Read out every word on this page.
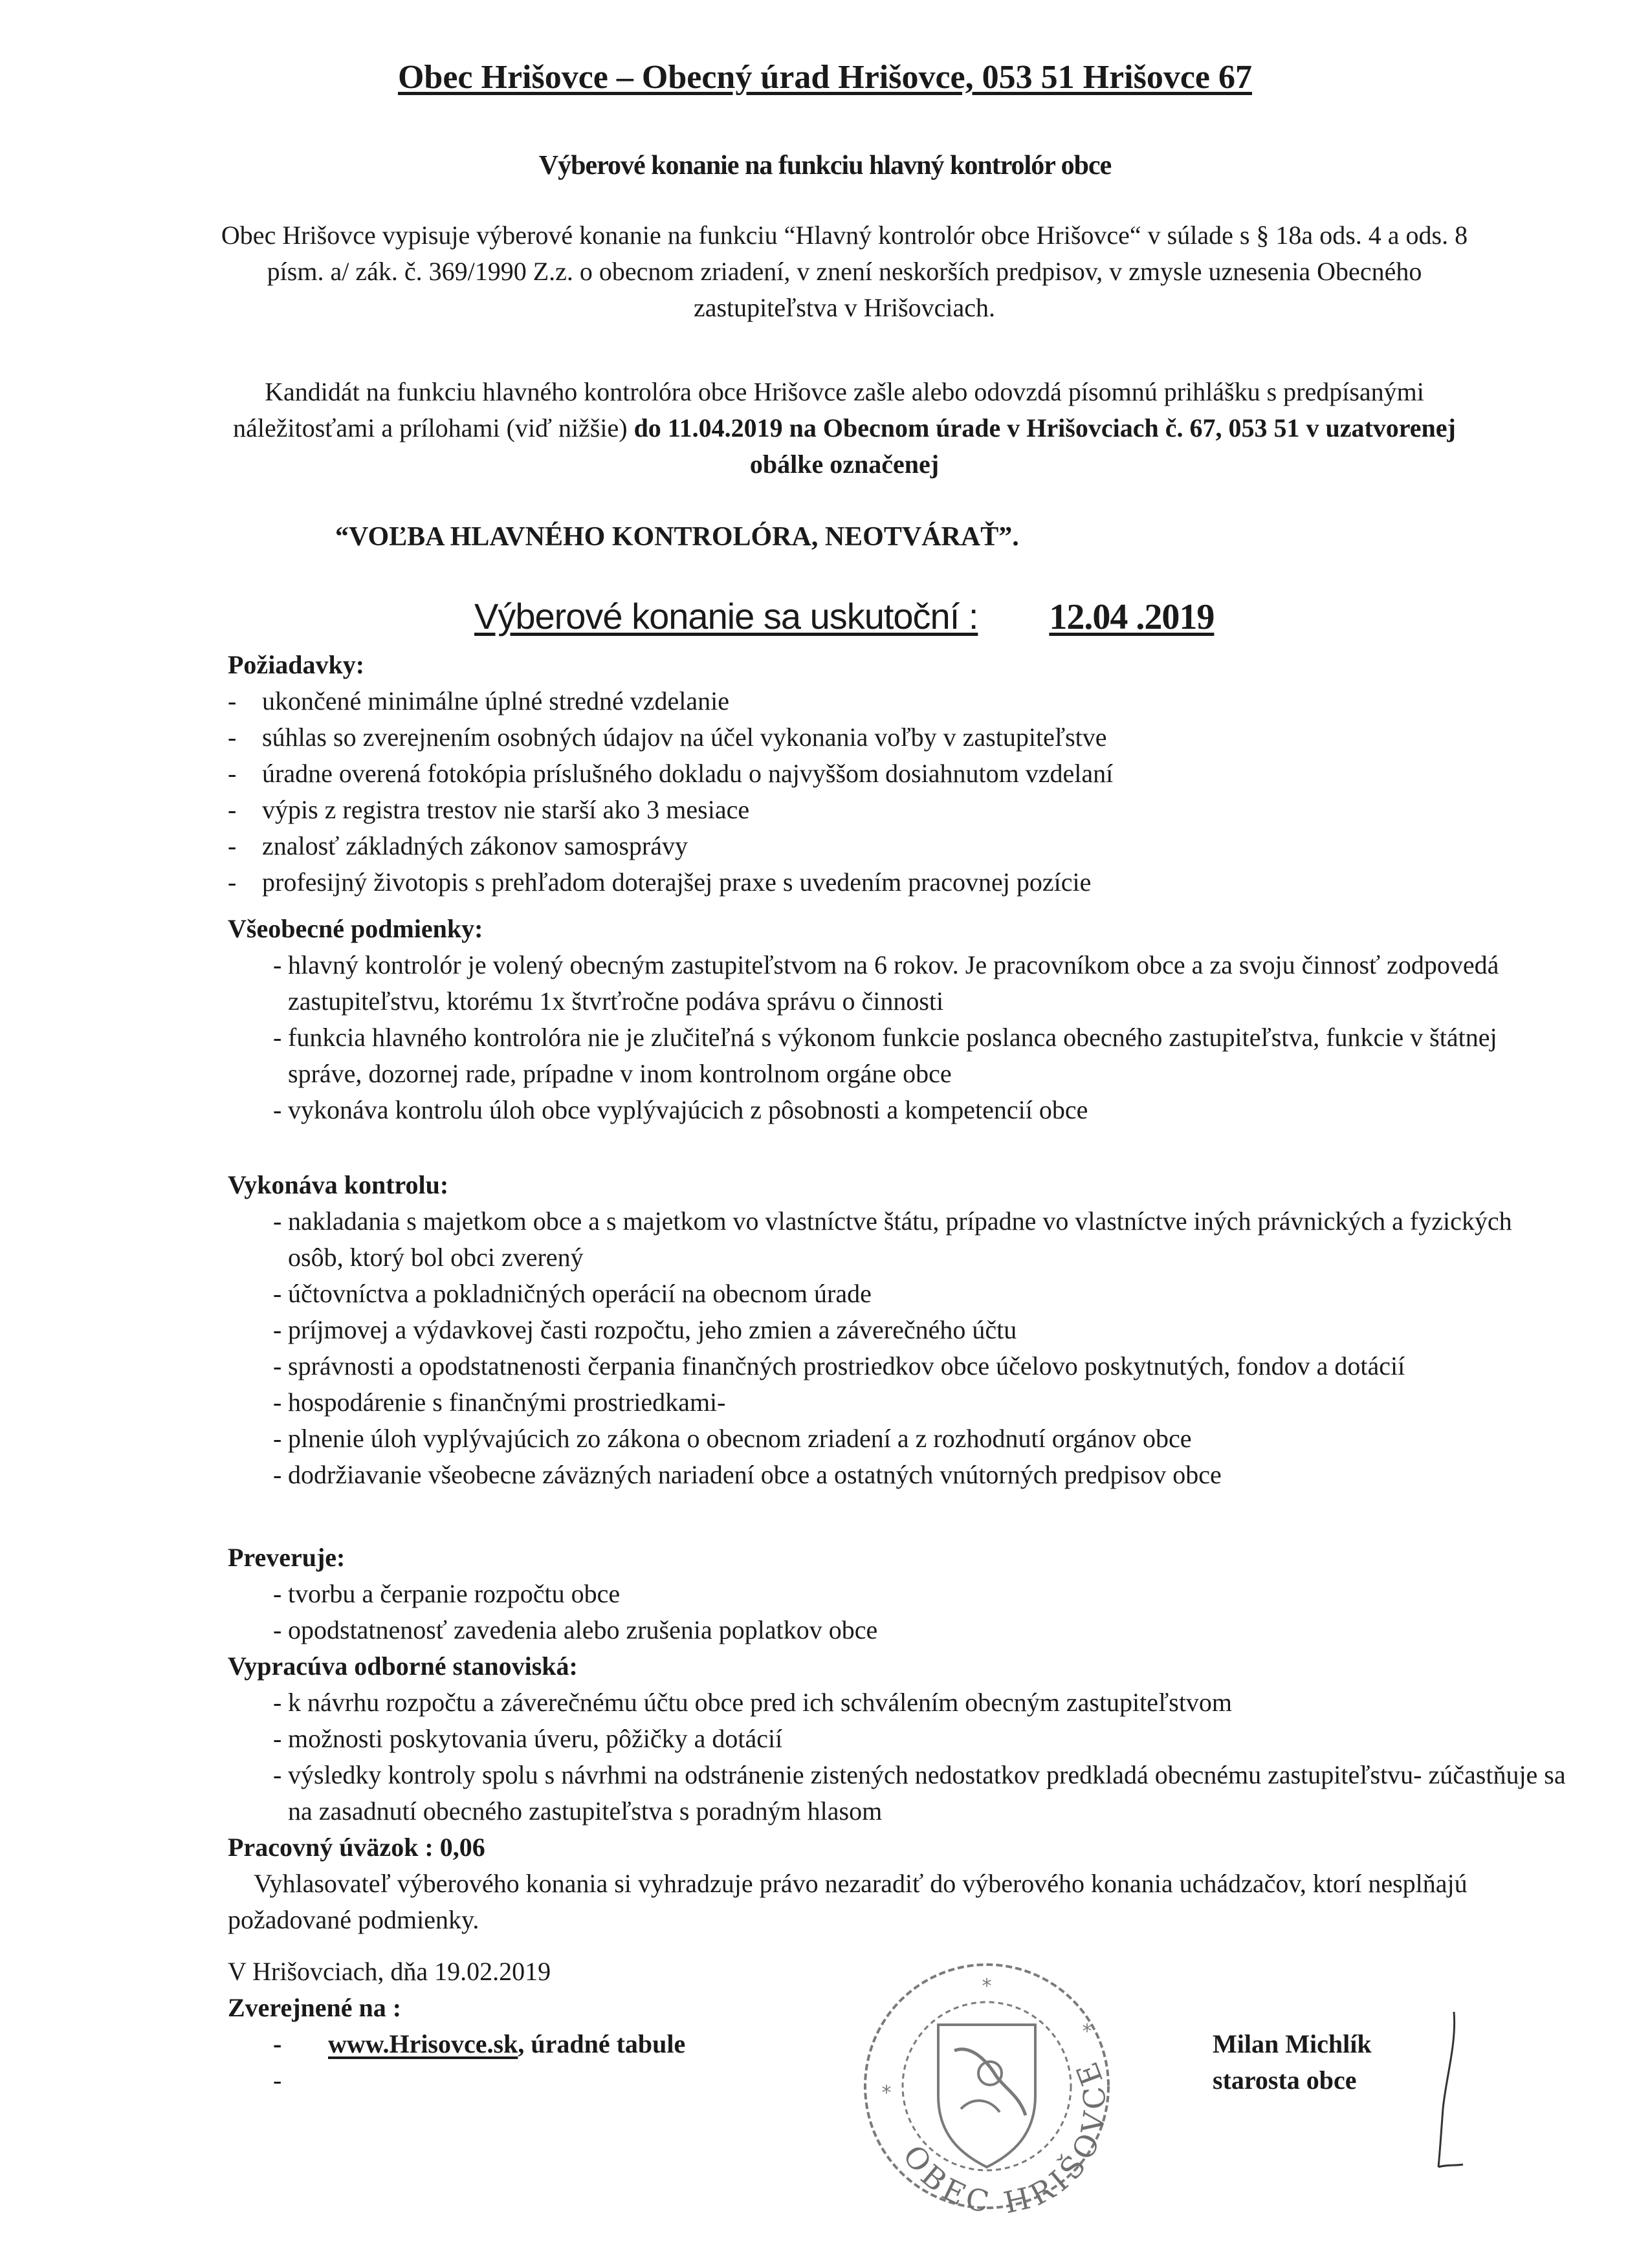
Obec Hrišovce – Obecný úrad Hrišovce, 053 51 Hrišovce 67
Výberové konanie na funkciu hlavný kontrolór obce
Obec Hrišovce vypisuje výberové konanie na funkciu “Hlavný kontrolór obce Hrišovce“ v súlade s § 18a ods. 4 a ods. 8 písm. a/ zák. č. 369/1990 Z.z. o obecnom zriadení, v znení neskorších predpisov, v zmysle uznesenia Obecného zastupiteľstva v Hrišovciach.
Kandidát na funkciu hlavného kontrolóra obce Hrišovce zašle alebo odovzdá písomnú prihlášku s predpísanými náležitosťami a prílohami (viď nižšie) do 11.04.2019 na Obecnom úrade v Hrišovciach č. 67, 053 51 v uzatvorenej obálke označenej
“VOĽBA HLAVNÉHO KONTROLÓRA, NEOTVÁRAŤ”.
Výberové konanie sa uskutoční : 12.04 .2019
Požiadavky:
- ukončené minimálne úplné stredné vzdelanie
- súhlas so zverejnením osobných údajov na účel vykonania voľby v zastupiteľstve
- úradne overená fotokópia príslušného dokladu o najvyššom dosiahnutom vzdelaní
- výpis z registra trestov nie starší ako 3 mesiace
- znalosť základných zákonov samosprávy
- profesijný životopis s prehľadom doterajšej praxe s uvedením pracovnej pozície
Všeobecné podmienky:
- hlavný kontrolór je volený obecným zastupiteľstvom na 6 rokov. Je pracovníkom obce a za svoju činnosť zodpovedá zastupiteľstvu, ktorému 1x štvrťročne podáva správu o činnosti
- funkcia hlavného kontrolóra nie je zlučiteľná s výkonom funkcie poslanca obecného zastupiteľstva, funkcie v štátnej správe, dozornej rade, prípadne v inom kontrolnom orgáne obce
- vykonáva kontrolu úloh obce vyplývajúcich z pôsobnosti a kompetencií obce
Vykonáva kontrolu:
- nakladania s majetkom obce a s majetkom vo vlastníctve štátu, prípadne vo vlastníctve iných právnických a fyzických osôb, ktorý bol obci zverený
- účtovníctva a pokladničných operácií na obecnom úrade
- príjmovej a výdavkovej časti rozpočtu, jeho zmien a záverečného účtu
- správnosti a opodstatnenosti čerpania finančných prostriedkov obce účelovo poskytnutých, fondov a dotácií
- hospodárenie s finančnými prostriedkami-
- plnenie úloh vyplývajúcich zo zákona o obecnom zriadení a z rozhodnutí orgánov obce
- dodržiavanie všeobecne záväzných nariadení obce a ostatných vnútorných predpisov obce
Preveruje:
- tvorbu a čerpanie rozpočtu obce
- opodstatnenosť zavedenia alebo zrušenia poplatkov obce
Vypracúva odborné stanoviská:
- k návrhu rozpočtu a záverečnému účtu obce pred ich schválením obecným zastupiteľstvom
- možnosti poskytovania úveru, pôžičky a dotácií
- výsledky kontroly spolu s návrhmi na odstránenie zistených nedostatkov predkladá obecnému zastupiteľstvu- zúčastňuje sa na zasadnutí obecného zastupiteľstva s poradným hlasom
Pracovný úväzok : 0,06
Vyhlasovateľ výberového konania si vyhradzuje právo nezaradiť do výberového konania uchádzačov, ktorí nesplňajú požadované podmienky.
V Hrišovciach, dňa 19.02.2019
Zverejnené na :
- www.Hrisovce.sk, úradné tabule
-

Milan Michlík
starosta obce
*
*
*
OBEC HRIŠOVCE
